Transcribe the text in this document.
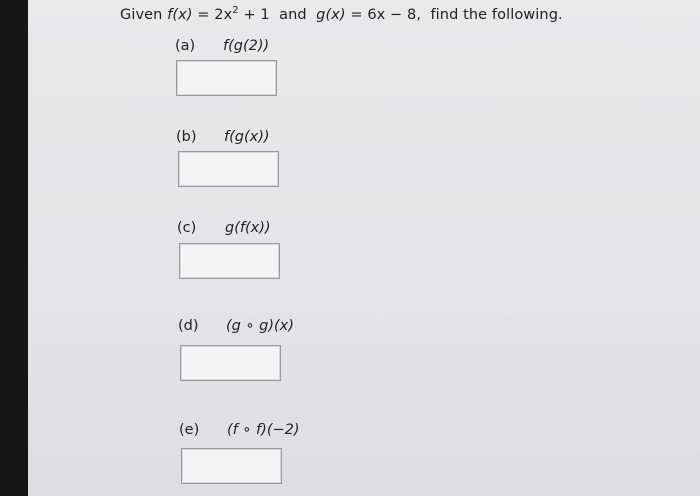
Given $f(x) = 2x^2 + 1$  and  g(x) = 6x − 8,  find the following.
(a) f(g(2))
(b) f(g(x))
(c) g(f(x))
(d) (g ∘ g)(x)
(e) (f ∘ f)(−2)
